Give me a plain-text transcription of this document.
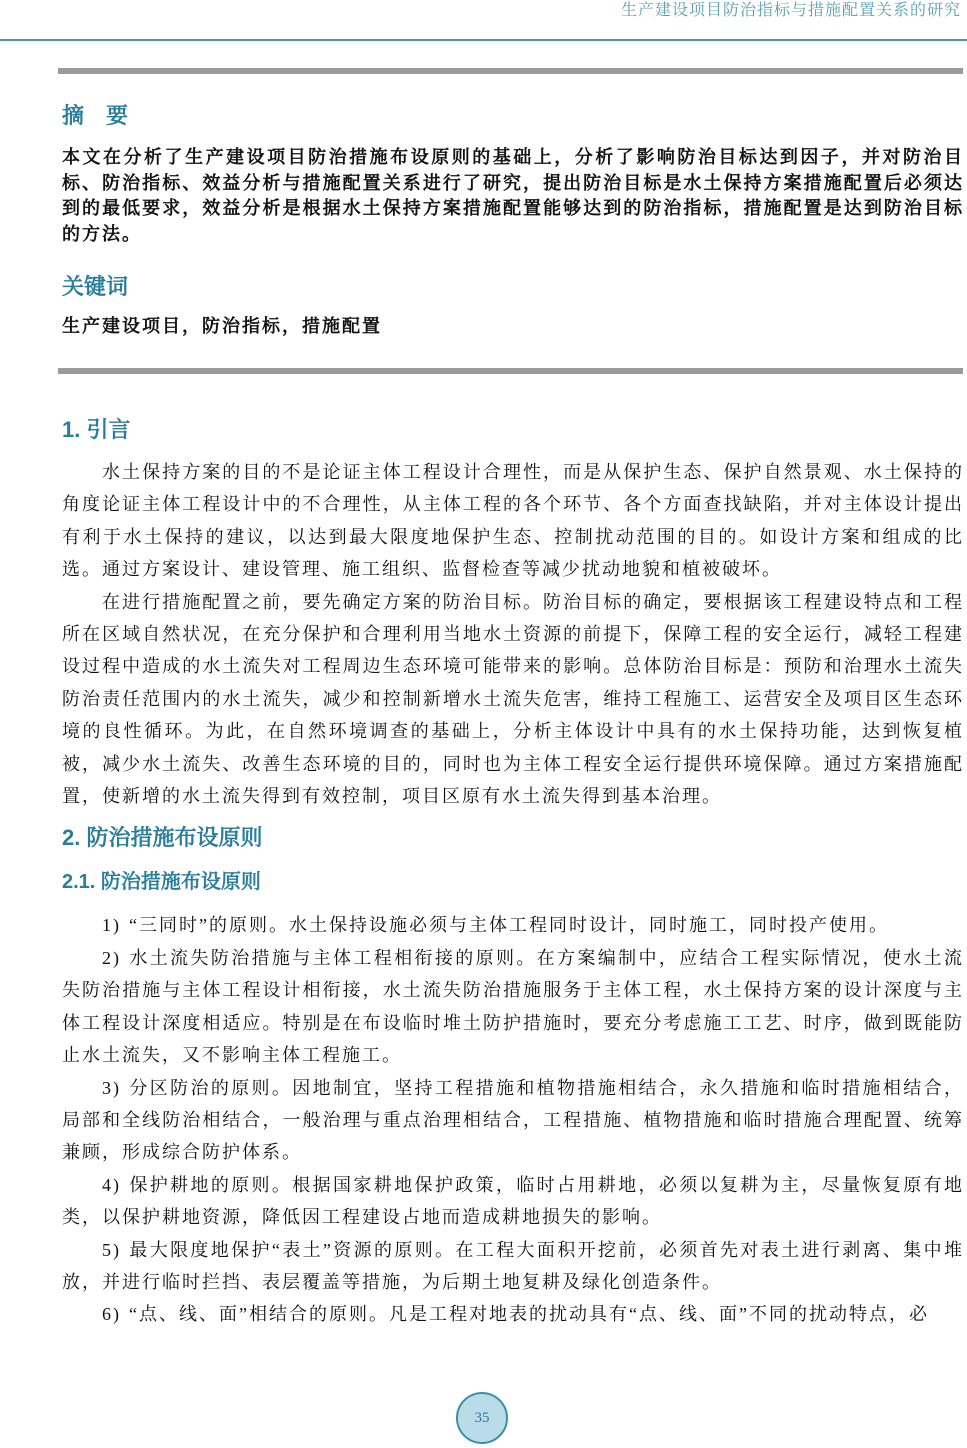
生产建设项目防治指标与措施配置关系的研究
摘　要

本文在分析了生产建设项目防治措施布设原则的基础上，分析了影响防治目标达到因子，并对防治目标、防治指标、效益分析与措施配置关系进行了研究，提出防治目标是水土保持方案措施配置后必须达到的最低要求，效益分析是根据水土保持方案措施配置能够达到的防治指标，措施配置是达到防治目标的方法。

关键词

生产建设项目，防治指标，措施配置

1. 引言

水土保持方案的目的不是论证主体工程设计合理性，而是从保护生态、保护自然景观、水土保持的角度论证主体工程设计中的不合理性，从主体工程的各个环节、各个方面查找缺陷，并对主体设计提出有利于水土保持的建议，以达到最大限度地保护生态、控制扰动范围的目的。如设计方案和组成的比选。通过方案设计、建设管理、施工组织、监督检查等减少扰动地貌和植被破坏。

在进行措施配置之前，要先确定方案的防治目标。防治目标的确定，要根据该工程建设特点和工程所在区域自然状况，在充分保护和合理利用当地水土资源的前提下，保障工程的安全运行，减轻工程建设过程中造成的水土流失对工程周边生态环境可能带来的影响。总体防治目标是：预防和治理水土流失防治责任范围内的水土流失，减少和控制新增水土流失危害，维持工程施工、运营安全及项目区生态环境的良性循环。为此，在自然环境调查的基础上，分析主体设计中具有的水土保持功能，达到恢复植被，减少水土流失、改善生态环境的目的，同时也为主体工程安全运行提供环境保障。通过方案措施配置，使新增的水土流失得到有效控制，项目区原有水土流失得到基本治理。

2. 防治措施布设原则
2.1. 防治措施布设原则

1) “三同时”的原则。水土保持设施必须与主体工程同时设计，同时施工，同时投产使用。

2) 水土流失防治措施与主体工程相衔接的原则。在方案编制中，应结合工程实际情况，使水土流失防治措施与主体工程设计相衔接，水土流失防治措施服务于主体工程，水土保持方案的设计深度与主体工程设计深度相适应。特别是在布设临时堆土防护措施时，要充分考虑施工工艺、时序，做到既能防止水土流失，又不影响主体工程施工。

3) 分区防治的原则。因地制宜，坚持工程措施和植物措施相结合，永久措施和临时措施相结合，局部和全线防治相结合，一般治理与重点治理相结合，工程措施、植物措施和临时措施合理配置、统筹兼顾，形成综合防护体系。

4) 保护耕地的原则。根据国家耕地保护政策，临时占用耕地，必须以复耕为主，尽量恢复原有地类，以保护耕地资源，降低因工程建设占地而造成耕地损失的影响。

5) 最大限度地保护“表土”资源的原则。在工程大面积开挖前，必须首先对表土进行剥离、集中堆放，并进行临时拦挡、表层覆盖等措施，为后期土地复耕及绿化创造条件。

6) “点、线、面”相结合的原则。凡是工程对地表的扰动具有“点、线、面”不同的扰动特点，必

35
